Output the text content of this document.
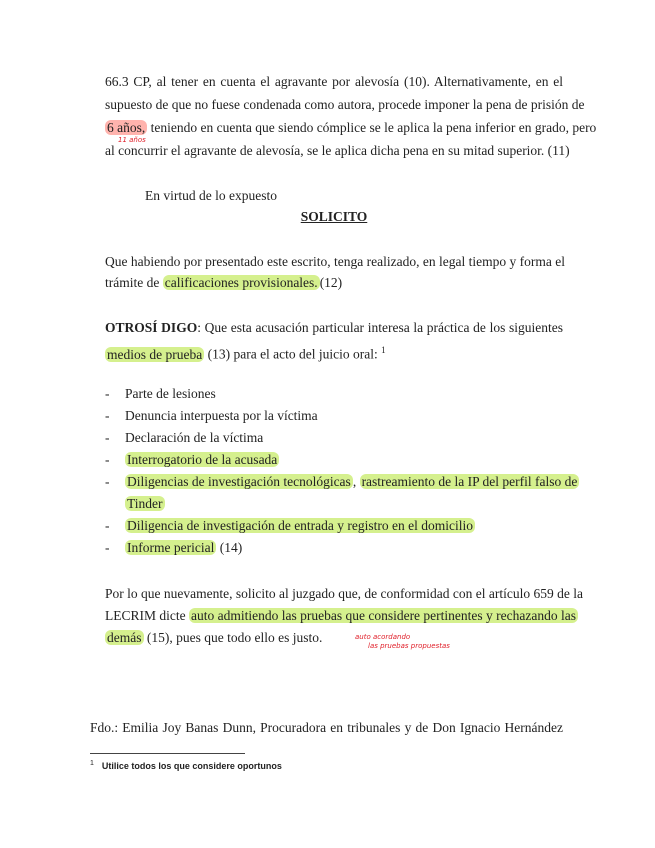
66.3 CP, al tener en cuenta el agravante por alevosía (10). Alternativamente, en el
supuesto de que no fuese condenada como autora, procede imponer la pena de prisión de
6 años, teniendo en cuenta que siendo cómplice se le aplica la pena inferior en grado, pero
11 años
al concurrir el agravante de alevosía, se le aplica dicha pena en su mitad superior. (11)
En virtud de lo expuesto
SOLICITO
Que habiendo por presentado este escrito, tenga realizado, en legal tiempo y forma el
trámite de calificaciones provisionales. (12)
OTROSÍ DIGO: Que esta acusación particular interesa la práctica de los siguientes
medios de prueba (13) para el acto del juicio oral: $^1$
- Parte de lesiones
- Denuncia interpuesta por la víctima
- Declaración de la víctima
- Interrogatorio de la acusada
- Diligencias de investigación tecnológicas , rastreamiento de la IP del perfil falso de
Tinder
- Diligencia de investigación de entrada y registro en el domicilio
- Informe pericial (14)
Por lo que nuevamente, solicito al juzgado que, de conformidad con el artículo 659 de la
LECRIM dicte auto admitiendo las pruebas que considere pertinentes y rechazando las
demás (15), pues que todo ello es justo.	auto acordando
las pruebas propuestas
Fdo.: Emilia Joy Banas Dunn, Procuradora en tribunales y de Don Ignacio Hernández
$^1$ Utilice todos los que considere oportunos
